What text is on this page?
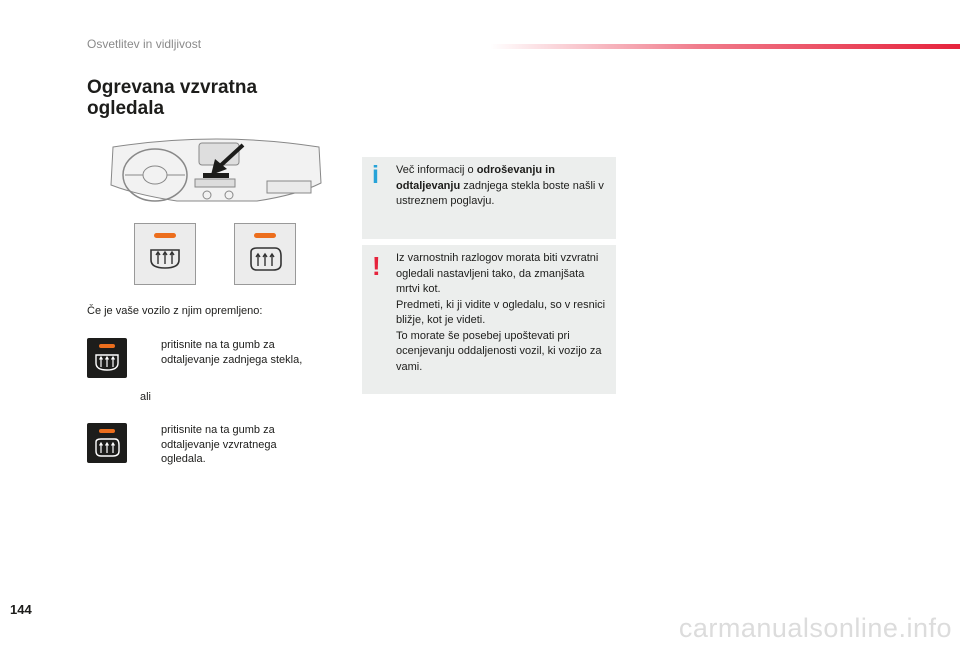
Osvetlitev in vidljivost
Ogrevana vzvratna ogledala
Če je vaše vozilo z njim opremljeno:
pritisnite na ta gumb za odtaljevanje zadnjega stekla,
ali
pritisnite na ta gumb za odtaljevanje vzvratnega ogledala.
i Več informacij o odroševanju in odtaljevanju zadnjega stekla boste našli v ustreznem poglavju.
! Iz varnostnih razlogov morata biti vzvratni ogledali nastavljeni tako, da zmanjšata mrtvi kot.

Predmeti, ki ji vidite v ogledalu, so v resnici bližje, kot je videti.

To morate še posebej upoštevati pri ocenjevanju oddaljenosti vozil, ki vozijo za vami.

144
carmanualsonline.info
